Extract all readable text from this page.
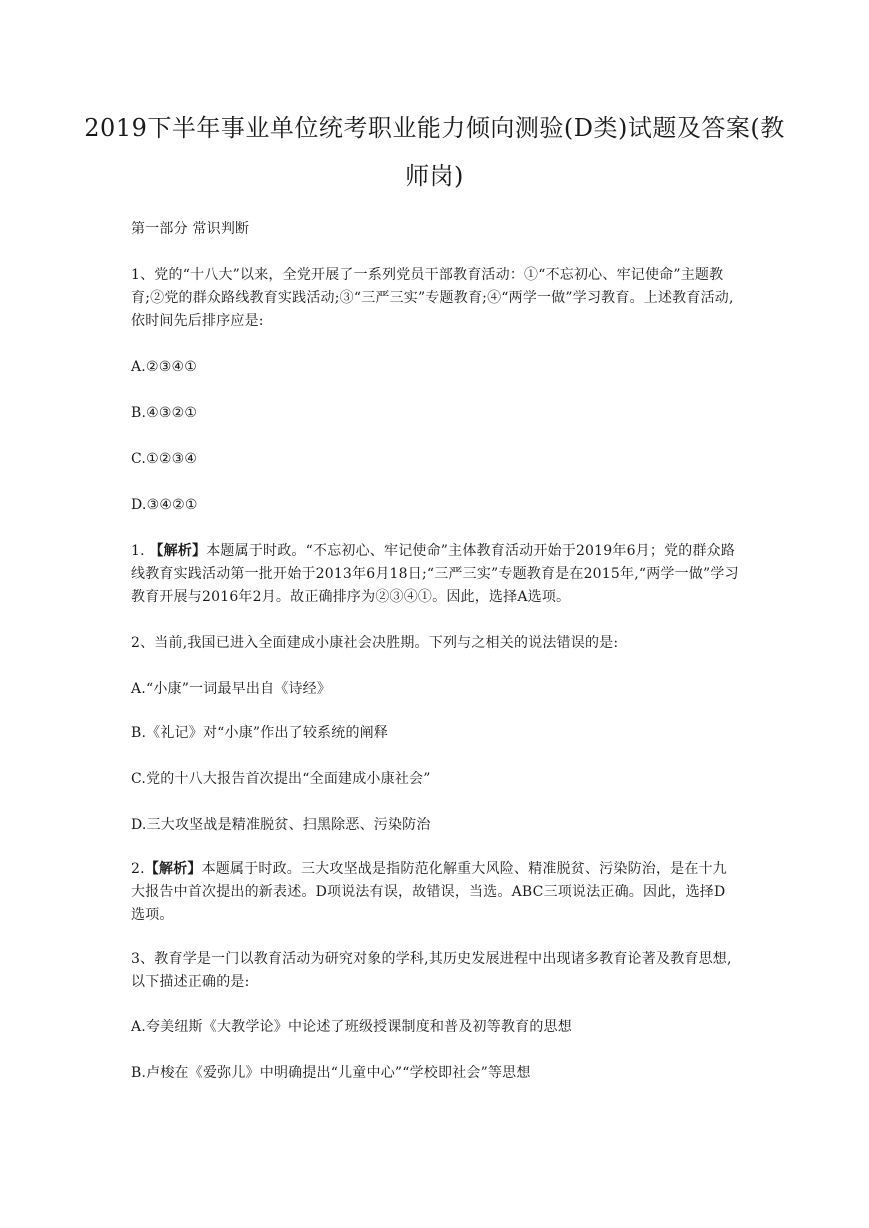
2019下半年事业单位统考职业能力倾向测验(D类)试题及答案(教师岗)

第一部分 常识判断

1、党的“十八大”以来，全党开展了一系列党员干部教育活动：①“不忘初心、牢记使命”主题教育;②党的群众路线教育实践活动;③“三严三实”专题教育;④“两学一做”学习教育。上述教育活动,依时间先后排序应是:

A.②③④①

B.④③②①

C.①②③④

D.③④②①

1. 【解析】本题属于时政。“不忘初心、牢记使命”主体教育活动开始于2019年6月；党的群众路线教育实践活动第一批开始于2013年6月18日;“三严三实”专题教育是在2015年,“两学一做”学习教育开展与2016年2月。故正确排序为②③④①。因此，选择A选项。

2、当前,我国已进入全面建成小康社会决胜期。下列与之相关的说法错误的是:

A.“小康”一词最早出自《诗经》

B.《礼记》对“小康”作出了较系统的阐释

C.党的十八大报告首次提出“全面建成小康社会”

D.三大攻坚战是精准脱贫、扫黑除恶、污染防治

2.【解析】本题属于时政。三大攻坚战是指防范化解重大风险、精准脱贫、污染防治，是在十九大报告中首次提出的新表述。D项说法有误，故错误，当选。ABC三项说法正确。因此，选择D选项。

3、教育学是一门以教育活动为研究对象的学科,其历史发展进程中出现诸多教育论著及教育思想,以下描述正确的是:

A.夸美纽斯《大教学论》中论述了班级授课制度和普及初等教育的思想

B.卢梭在《爱弥儿》中明确提出“儿童中心”“学校即社会”等思想
